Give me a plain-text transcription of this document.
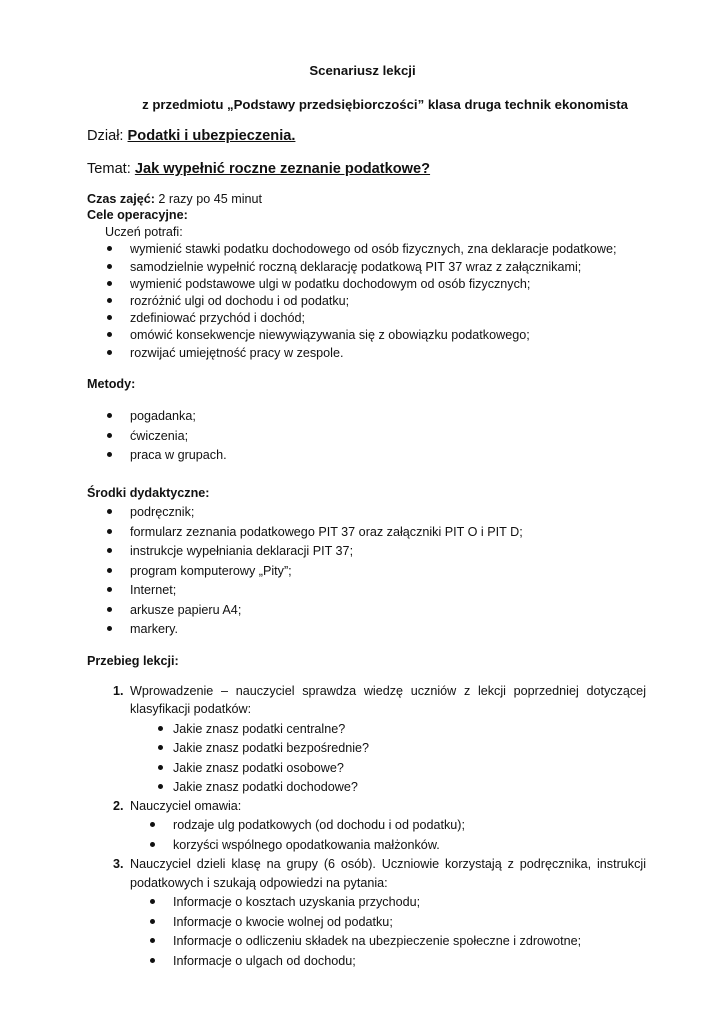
Scenariusz lekcji
z przedmiotu „Podstawy przedsiębiorczości” klasa druga technik ekonomista
Dział: Podatki i ubezpieczenia.
Temat: Jak wypełnić roczne zeznanie podatkowe?
Czas zajęć: 2 razy po 45 minut
Cele operacyjne:
Uczeń potrafi:
wymienić stawki podatku dochodowego od osób fizycznych, zna deklaracje podatkowe;
samodzielnie wypełnić roczną deklarację podatkową PIT 37 wraz z załącznikami;
wymienić podstawowe ulgi w podatku dochodowym od osób fizycznych;
rozróżnić ulgi od dochodu i od podatku;
zdefiniować przychód i dochód;
omówić konsekwencje niewywiązywania się z obowiązku podatkowego;
rozwijać umiejętność pracy w zespole.
Metody:
pogadanka;
ćwiczenia;
praca w grupach.
Środki dydaktyczne:
podręcznik;
formularz zeznania podatkowego PIT 37 oraz załączniki PIT O i PIT D;
instrukcje wypełniania deklaracji PIT 37;
program komputerowy „Pity”;
Internet;
arkusze papieru A4;
markery.
Przebieg lekcji:
1. Wprowadzenie – nauczyciel sprawdza wiedzę uczniów z lekcji poprzedniej dotyczącej
klasyfikacji podatków:
Jakie znasz podatki centralne?
Jakie znasz podatki bezpośrednie?
Jakie znasz podatki osobowe?
Jakie znasz podatki dochodowe?
2. Nauczyciel omawia:
rodzaje ulg podatkowych (od dochodu i od podatku);
korzyści wspólnego opodatkowania małżonków.
3. Nauczyciel dzieli klasę na grupy (6 osób). Uczniowie korzystają z podręcznika, instrukcji
podatkowych i szukają odpowiedzi na pytania:
Informacje o kosztach uzyskania przychodu;
Informacje o kwocie wolnej od podatku;
Informacje o odliczeniu składek na ubezpieczenie społeczne i zdrowotne;
Informacje o ulgach od dochodu;
